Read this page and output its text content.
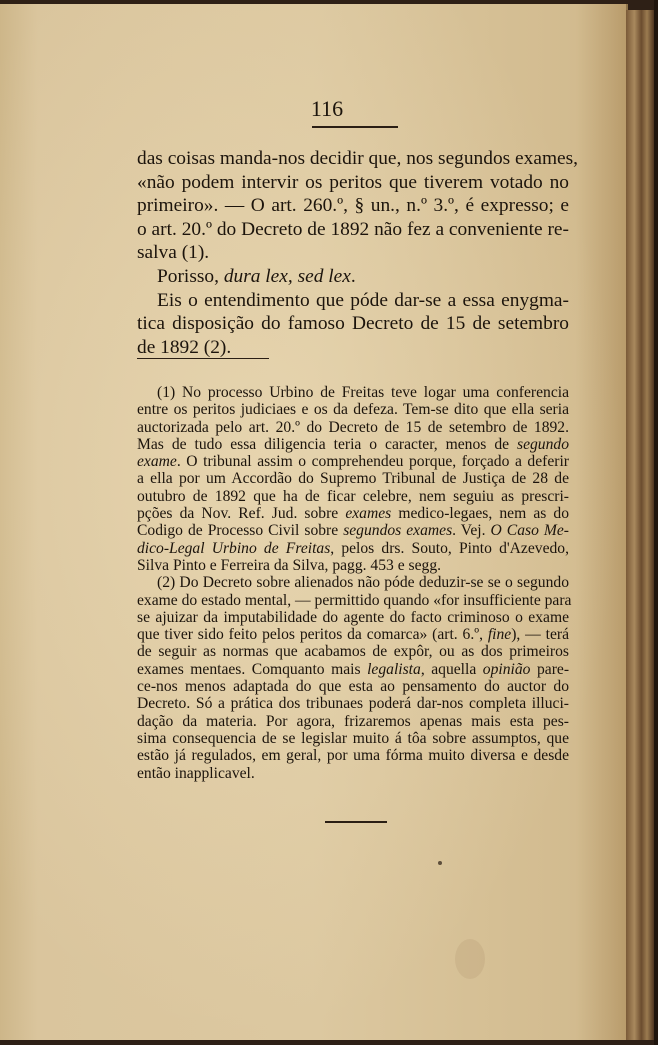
116
das coisas manda-nos decidir que, nos segundos exames,
«não podem intervir os peritos que tiverem votado no
primeiro». — O art. 260.º, § un., n.º 3.º, é expresso; e
o art. 20.º do Decreto de 1892 não fez a conveniente re-
salva (1).
Porisso, dura lex, sed lex.
Eis o entendimento que póde dar-se a essa enygma-
tica disposição do famoso Decreto de 15 de setembro
de 1892 (2).
(1) No processo Urbino de Freitas teve logar uma conferencia
entre os peritos judiciaes e os da defeza. Tem-se dito que ella seria
auctorizada pelo art. 20.º do Decreto de 15 de setembro de 1892.
Mas de tudo essa diligencia teria o caracter, menos de segundo
exame. O tribunal assim o comprehendeu porque, forçado a deferir
a ella por um Accordão do Supremo Tribunal de Justiça de 28 de
outubro de 1892 que ha de ficar celebre, nem seguiu as prescri-
pções da Nov. Ref. Jud. sobre exames medico-legaes, nem as do
Codigo de Processo Civil sobre segundos exames. Vej. O Caso Me-
dico-Legal Urbino de Freitas, pelos drs. Souto, Pinto d'Azevedo,
Silva Pinto e Ferreira da Silva, pagg. 453 e segg.
(2) Do Decreto sobre alienados não póde deduzir-se se o segundo
exame do estado mental, — permittido quando «for insufficiente para
se ajuizar da imputabilidade do agente do facto criminoso o exame
que tiver sido feito pelos peritos da comarca» (art. 6.º, fine), — terá
de seguir as normas que acabamos de expôr, ou as dos primeiros
exames mentaes. Comquanto mais legalista, aquella opinião pare-
ce-nos menos adaptada do que esta ao pensamento do auctor do
Decreto. Só a prática dos tribunaes poderá dar-nos completa illuci-
dação da materia. Por agora, frizaremos apenas mais esta pes-
sima consequencia de se legislar muito á tôa sobre assumptos, que
estão já regulados, em geral, por uma fórma muito diversa e desde
então inapplicavel.
